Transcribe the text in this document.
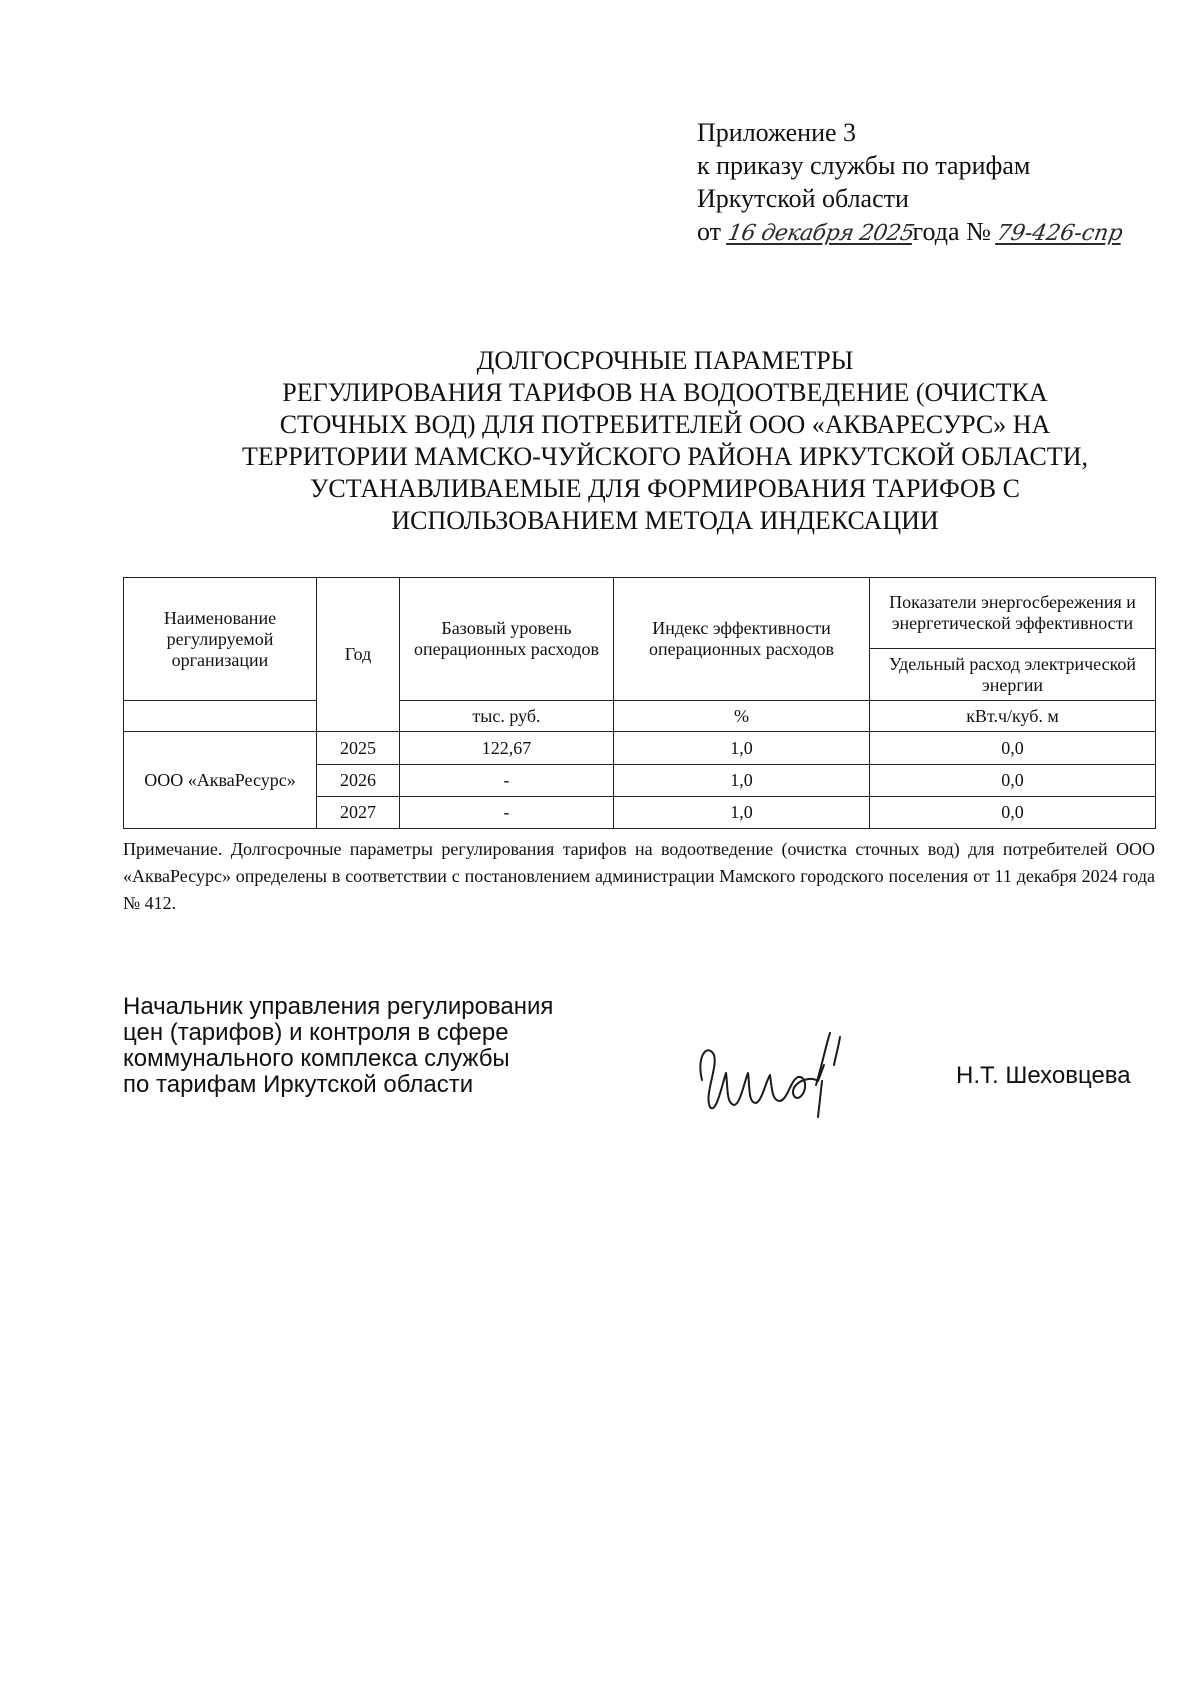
Приложение 3
к приказу службы по тарифам
Иркутской области
от 16 декабря 2025года № 79-426-спр
ДОЛГОСРОЧНЫЕ ПАРАМЕТРЫ
РЕГУЛИРОВАНИЯ ТАРИФОВ НА ВОДООТВЕДЕНИЕ (ОЧИСТКА
СТОЧНЫХ ВОД) ДЛЯ ПОТРЕБИТЕЛЕЙ ООО «АКВАРЕСУРС» НА
ТЕРРИТОРИИ МАМСКО-ЧУЙСКОГО РАЙОНА ИРКУТСКОЙ ОБЛАСТИ,
УСТАНАВЛИВАЕМЫЕ ДЛЯ ФОРМИРОВАНИЯ ТАРИФОВ С
ИСПОЛЬЗОВАНИЕМ МЕТОДА ИНДЕКСАЦИИ
Наименование регулируемой организации	Год	Базовый уровень операционных расходов	Индекс эффективности операционных расходов	Показатели энергосбережения и энергетической эффективности
				Удельный расход электрической энергии
		тыс. руб.	%	кВт.ч/куб. м
ООО «АкваРесурс»	2025	122,67	1,0	0,0
	2026	-	1,0	0,0
	2027	-	1,0	0,0
Примечание. Долгосрочные параметры регулирования тарифов на водоотведение (очистка сточных вод) для потребителей ООО «АкваРесурс» определены в соответствии с постановлением администрации Мамского городского поселения от 11 декабря 2024 года № 412.
Начальник управления регулирования
цен (тарифов) и контроля в сфере
коммунального комплекса службы
по тарифам Иркутской области	Н.Т. Шеховцева
